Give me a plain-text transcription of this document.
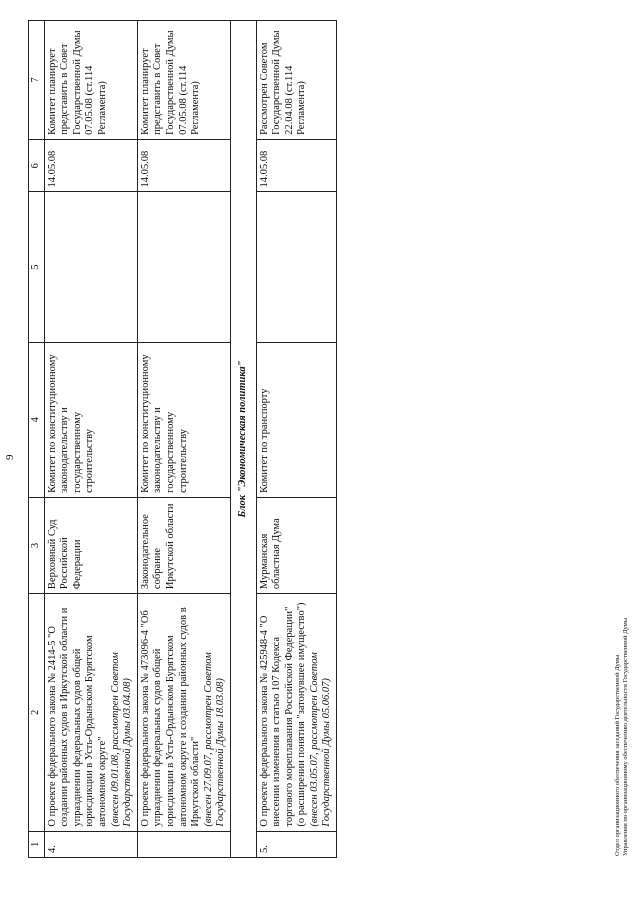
9
1	2	3	4	5	6	7
4.	О проекте федерального закона № 2414-5 "О создании районных судов в Иркутской области и упразднении федеральных судов общей юрисдикции в Усть-Ордынском Бурятском автономном округе" (внесен 09.01.08, рассмотрен Советом Государственной Думы 03.04.08)	Верховный Суд Российской Федерации	Комитет по конституционному законодательству и государственному строительству		14.05.08	Комитет планирует представить в Совет Государственной Думы 07.05.08 (ст.114 Регламента)

	О проекте федерального закона № 473096-4 "Об упразднении федеральных судов общей юрисдикции в Усть-Ордынском Бурятском автономном округе и создании районных судов в Иркутской области" (внесен 27.09.07, рассмотрен Советом Государственной Думы 18.03.08)	Законодательное собрание Иркутской области	Комитет по конституционному законодательству и государственному строительству		14.05.08	Комитет планирует представить в Совет Государственной Думы 07.05.08 (ст.114 Регламента)
Блок "Экономическая политика"						
5.	О проекте федерального закона № 425948-4 "О внесении изменения в статью 107 Кодекса торгового мореплавания Российской Федерации" (о расширении понятия "затонувшее имущество") (внесен 03.05.07, рассмотрен Советом Государственной Думы 05.06.07)	Мурманская областная Дума	Комитет по транспорту		14.05.08	Рассмотрен Советом Государственной Думы 22.04.08 (ст.114 Регламента)
Отдел организационного обеспечения заседаний Государственной Думы Управления по организационному обеспечению деятельности Государственной Думы
